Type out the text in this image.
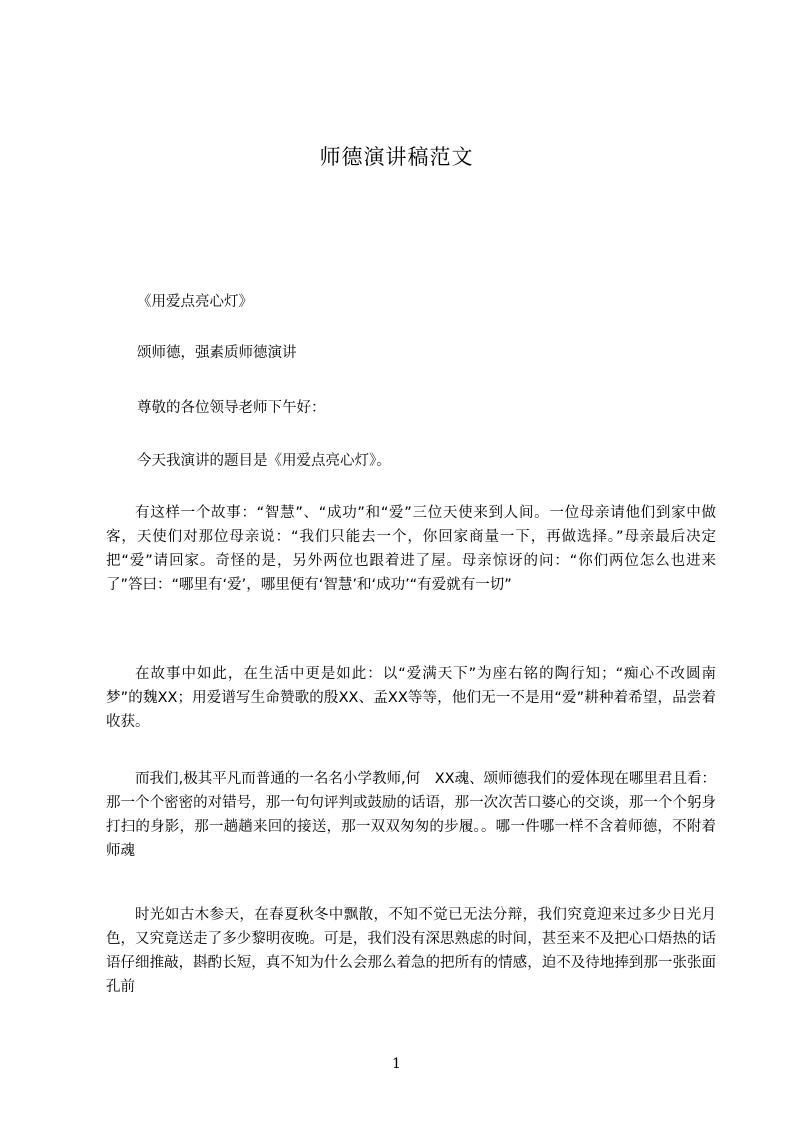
师德演讲稿范文

《用爱点亮心灯》

颂师德，强素质师德演讲

尊敬的各位领导老师下午好：

今天我演讲的题目是《用爱点亮心灯》。

有这样一个故事：“智慧”、“成功”和“爱”三位天使来到人间。一位母亲请他们到家中做客，天使们对那位母亲说：“我们只能去一个，你回家商量一下，再做选择。”母亲最后决定把“爱”请回家。奇怪的是，另外两位也跟着进了屋。母亲惊讶的问：“你们两位怎么也进来了”答曰：“哪里有‘爱’，哪里便有‘智慧’和‘成功’“有爱就有一切”

在故事中如此，在生活中更是如此：以“爱满天下”为座右铭的陶行知；“痴心不改圆南梦”的魏XX；用爱谱写生命赞歌的殷XX、孟XX等等，他们无一不是用“爱”耕种着希望，品尝着收获。

而我们,极其平凡而普通的一名名小学教师,何　XX魂、颂师德我们的爱体现在哪里君且看：那一个个密密的对错号，那一句句评判或鼓励的话语，那一次次苦口婆心的交谈，那一个个躬身打扫的身影，那一趟趟来回的接送，那一双双匆匆的步履。。哪一件哪一样不含着师德，不附着师魂

时光如古木参天，在春夏秋冬中飘散，不知不觉已无法分辩，我们究竟迎来过多少日光月色，又究竟送走了多少黎明夜晚。可是，我们没有深思熟虑的时间，甚至来不及把心口焐热的话语仔细推敲，斟酌长短，真不知为什么会那么着急的把所有的情感，迫不及待地捧到那一张张面孔前

1
